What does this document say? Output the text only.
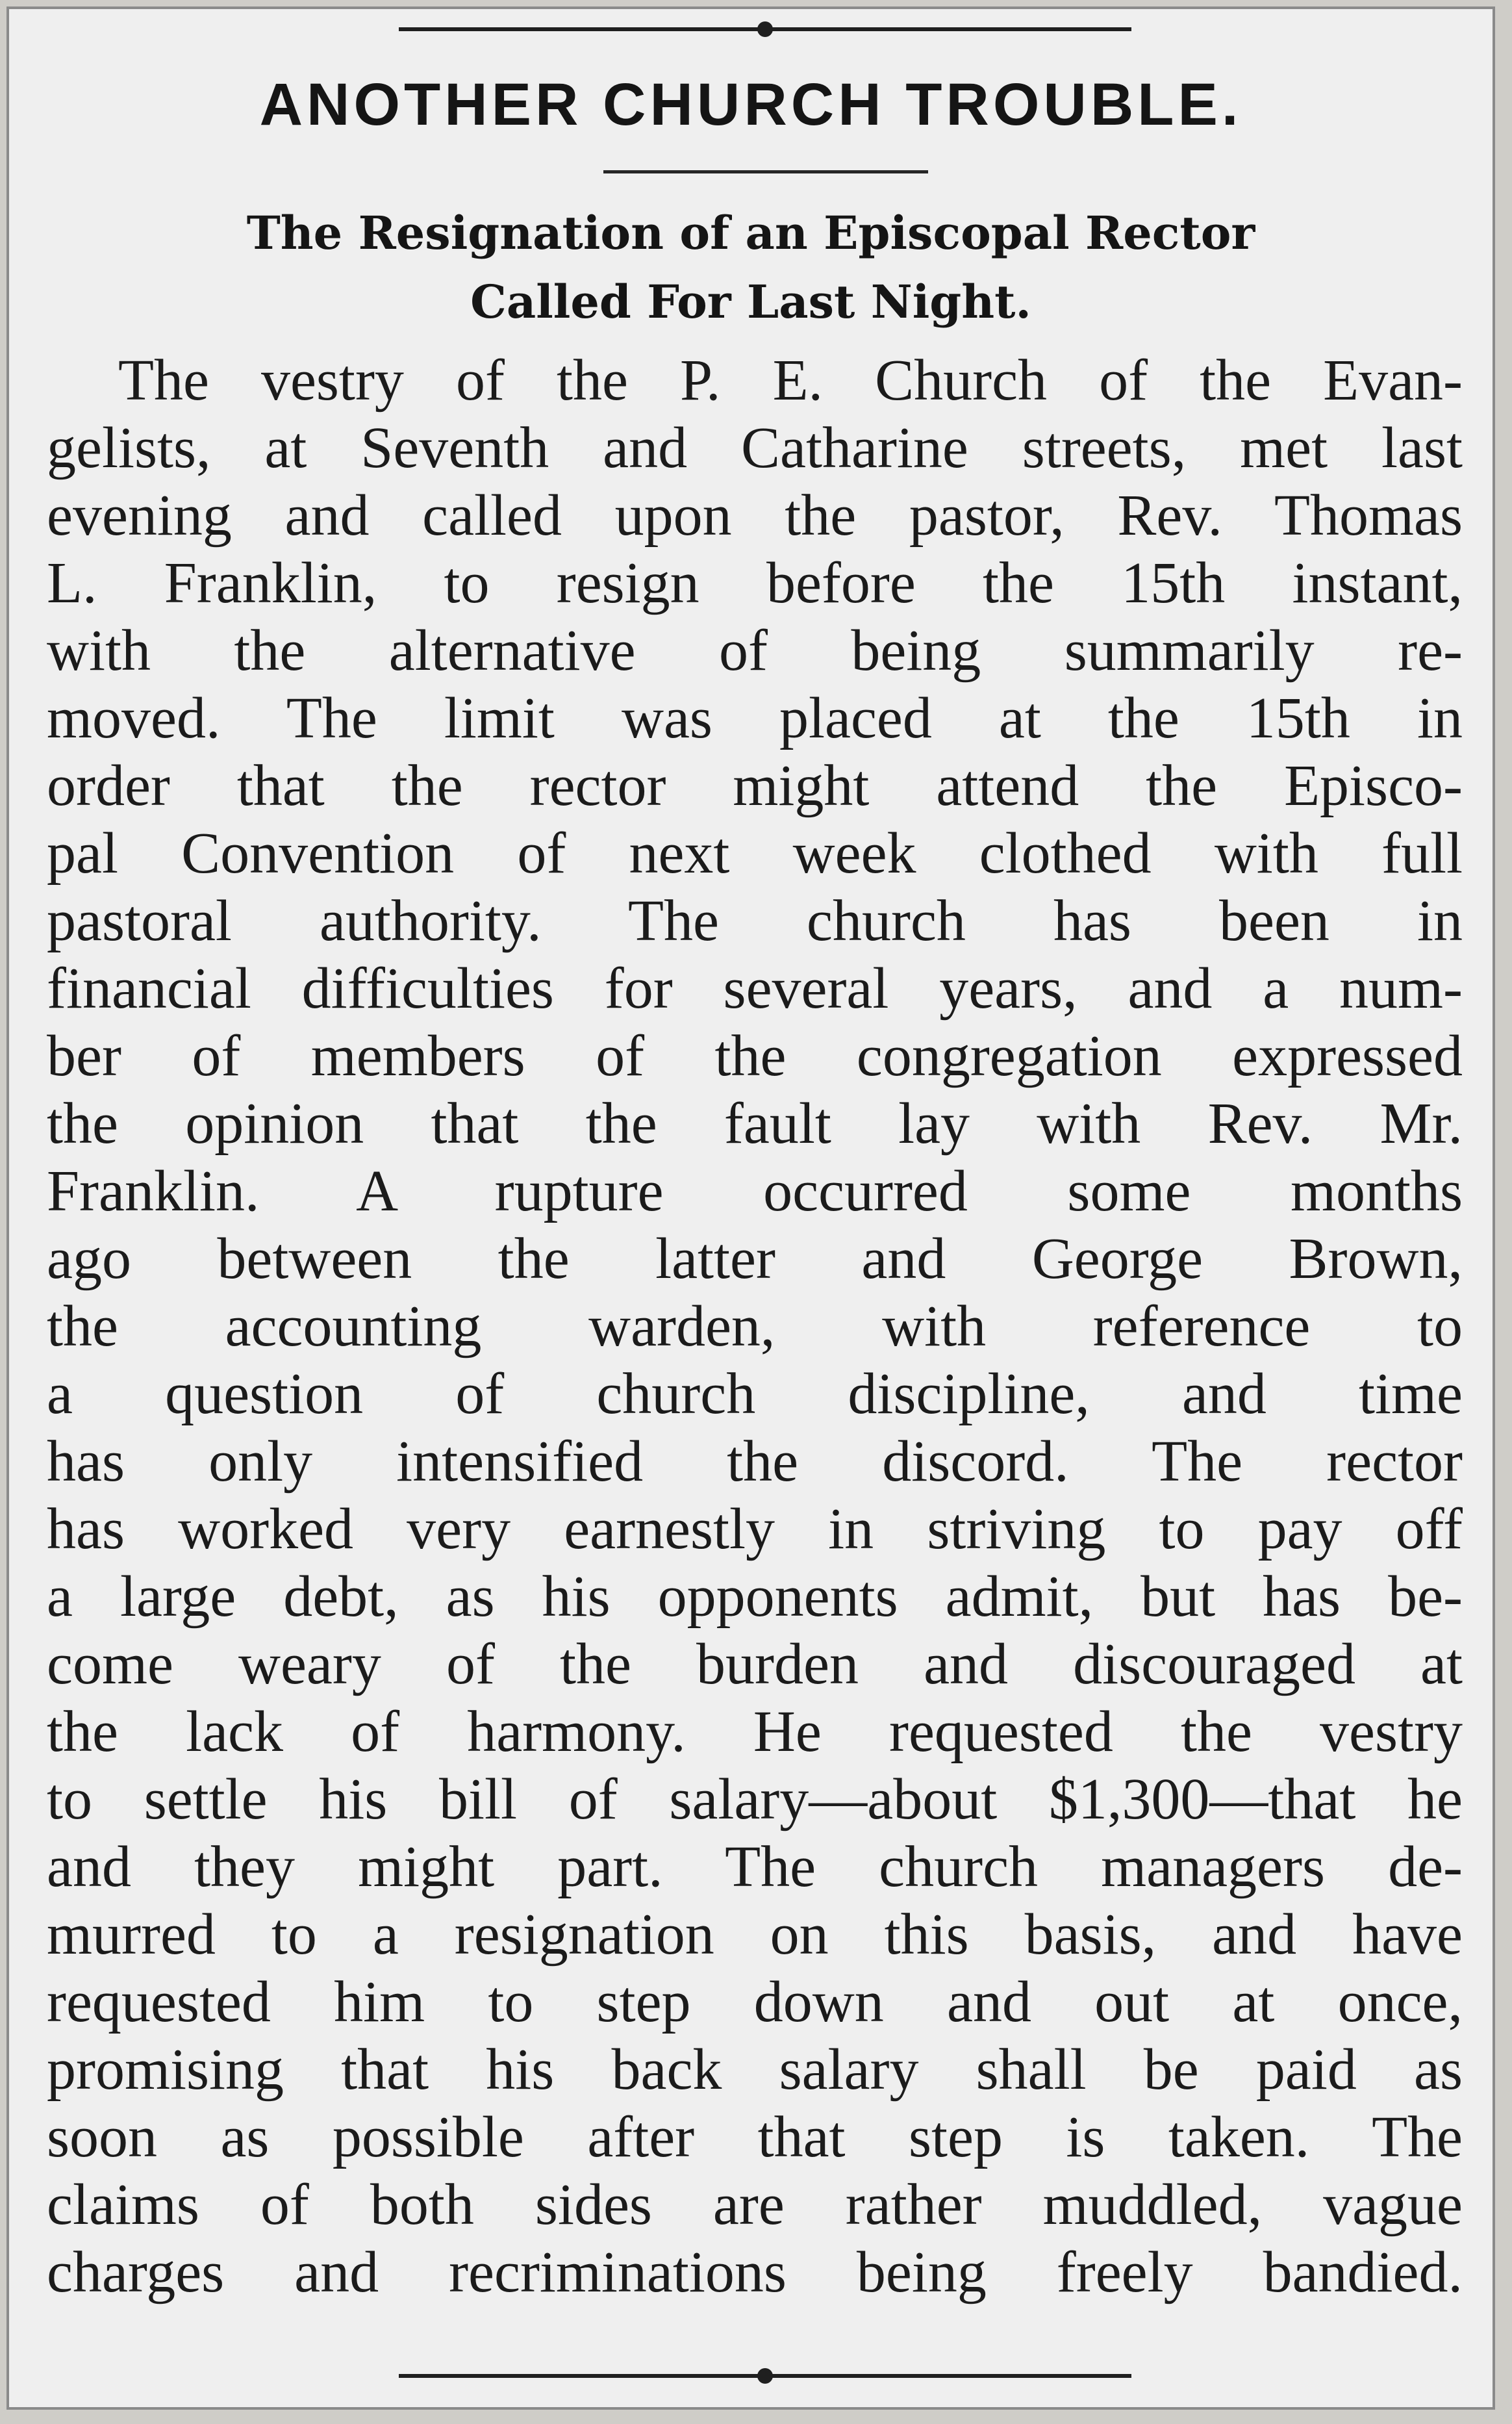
ANOTHER CHURCH TROUBLE.
The Resignation of an Episcopal Rector
Called For Last Night.
The vestry of the P. E. Church of the Evan-
gelists, at Seventh and Catharine streets, met last
evening and called upon the pastor, Rev. Thomas
L. Franklin, to resign before the 15th instant,
with the alternative of being summarily re-
moved. The limit was placed at the 15th in
order that the rector might attend the Episco-
pal Convention of next week clothed with full
pastoral authority. The church has been in
financial difficulties for several years, and a num-
ber of members of the congregation expressed
the opinion that the fault lay with Rev. Mr.
Franklin. A rupture occurred some months
ago between the latter and George Brown,
the accounting warden, with reference to
a question of church discipline, and time
has only intensified the discord. The rector
has worked very earnestly in striving to pay off
a large debt, as his opponents admit, but has be-
come weary of the burden and discouraged at
the lack of harmony. He requested the vestry
to settle his bill of salary—about $1,300—that he
and they might part. The church managers de-
murred to a resignation on this basis, and have
requested him to step down and out at once,
promising that his back salary shall be paid as
soon as possible after that step is taken. The
claims of both sides are rather muddled, vague
charges and recriminations being freely bandied.
